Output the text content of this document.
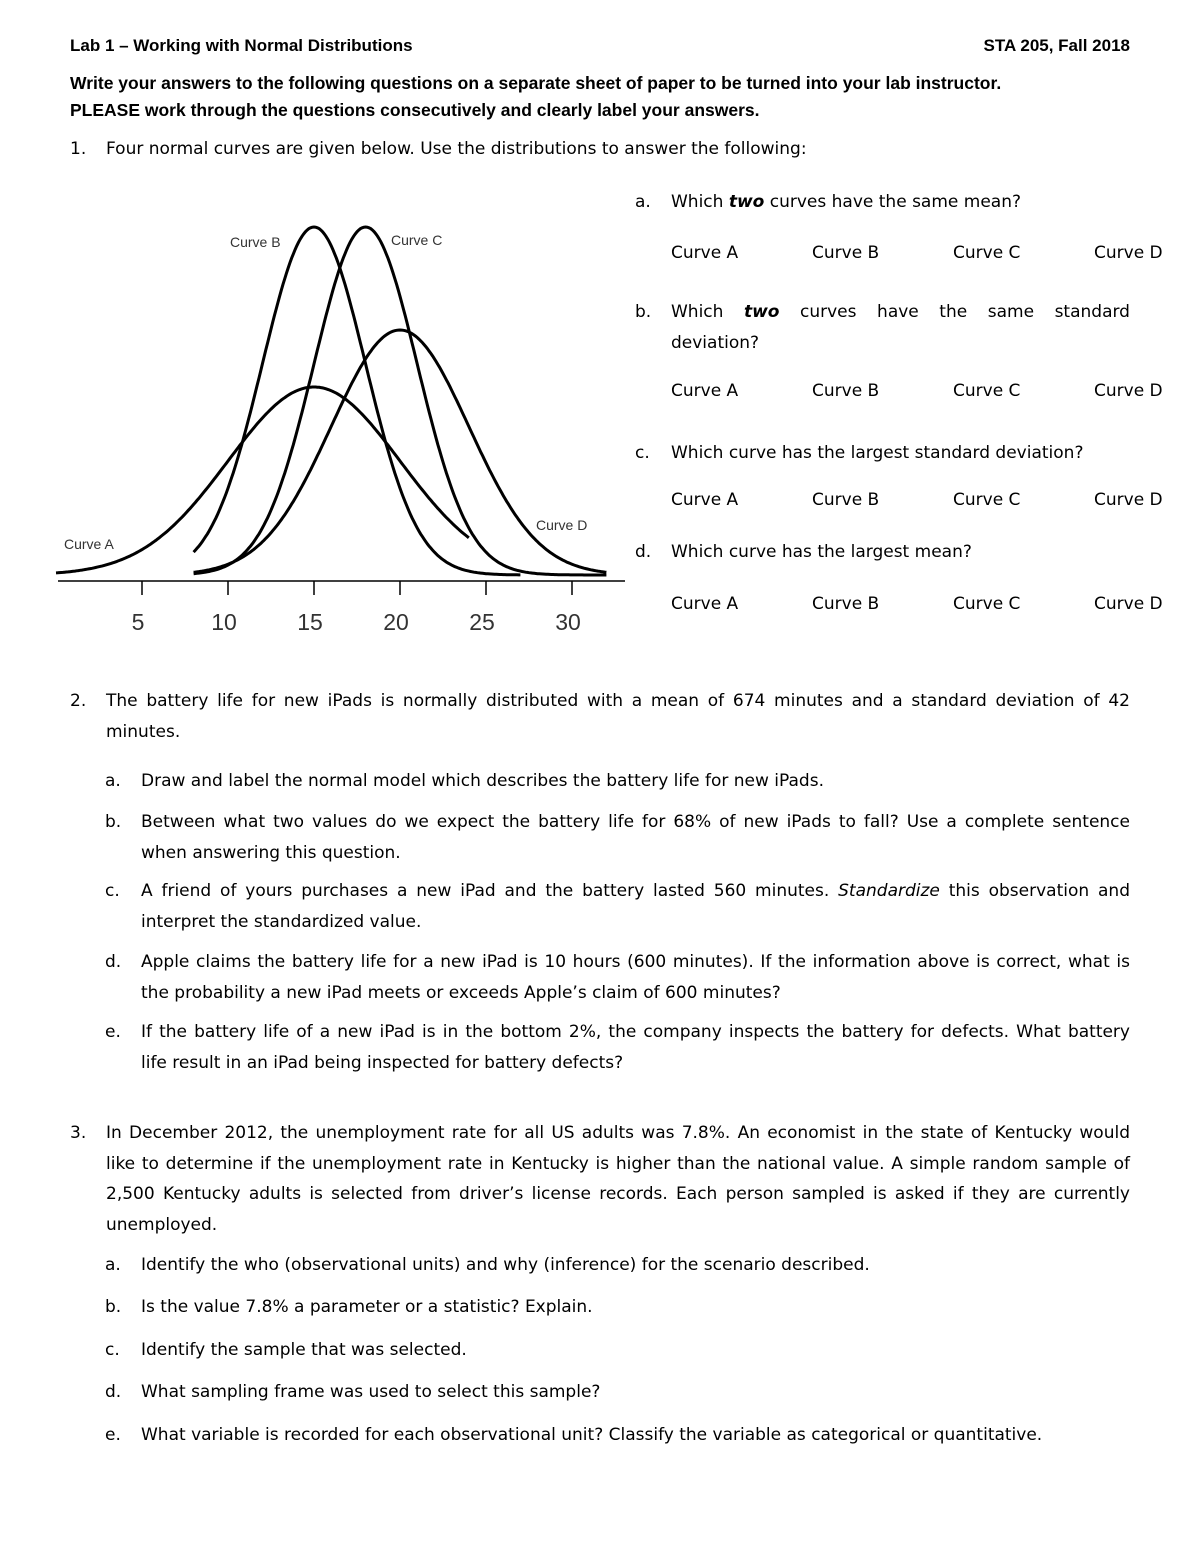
Lab 1 – Working with Normal Distributions	STA 205, Fall 2018
Write your answers to the following questions on a separate sheet of paper to be turned into your lab instructor.
PLEASE work through the questions consecutively and clearly label your answers.
1. Four normal curves are given below. Use the distributions to answer the following:
5	10	15	20	25	30
Curve A
Curve B	Curve C
Curve D
a. Which two curves have the same mean?
Curve A	Curve B	Curve C	Curve D
b. Which two curves have the same standard
deviation?
Curve A	Curve B	Curve C	Curve D
c. Which curve has the largest standard deviation?
Curve A	Curve B	Curve C	Curve D
d. Which curve has the largest mean?
Curve A	Curve B	Curve C	Curve D
2. The battery life for new iPads is normally distributed with a mean of 674 minutes and a standard deviation of 42
minutes.
a. Draw and label the normal model which describes the battery life for new iPads.
b. Between what two values do we expect the battery life for 68% of new iPads to fall? Use a complete sentence
when answering this question.
c. A friend of yours purchases a new iPad and the battery lasted 560 minutes. Standardize this observation and
interpret the standardized value.
d. Apple claims the battery life for a new iPad is 10 hours (600 minutes). If the information above is correct, what is
the probability a new iPad meets or exceeds Apple’s claim of 600 minutes?
e. If the battery life of a new iPad is in the bottom 2%, the company inspects the battery for defects. What battery
life result in an iPad being inspected for battery defects?
3. In December 2012, the unemployment rate for all US adults was 7.8%. An economist in the state of Kentucky would
like to determine if the unemployment rate in Kentucky is higher than the national value. A simple random sample of
2,500 Kentucky adults is selected from driver’s license records. Each person sampled is asked if they are currently
unemployed.
a. Identify the who (observational units) and why (inference) for the scenario described.
b. Is the value 7.8% a parameter or a statistic? Explain.
c. Identify the sample that was selected.
d. What sampling frame was used to select this sample?
e. What variable is recorded for each observational unit? Classify the variable as categorical or quantitative.
